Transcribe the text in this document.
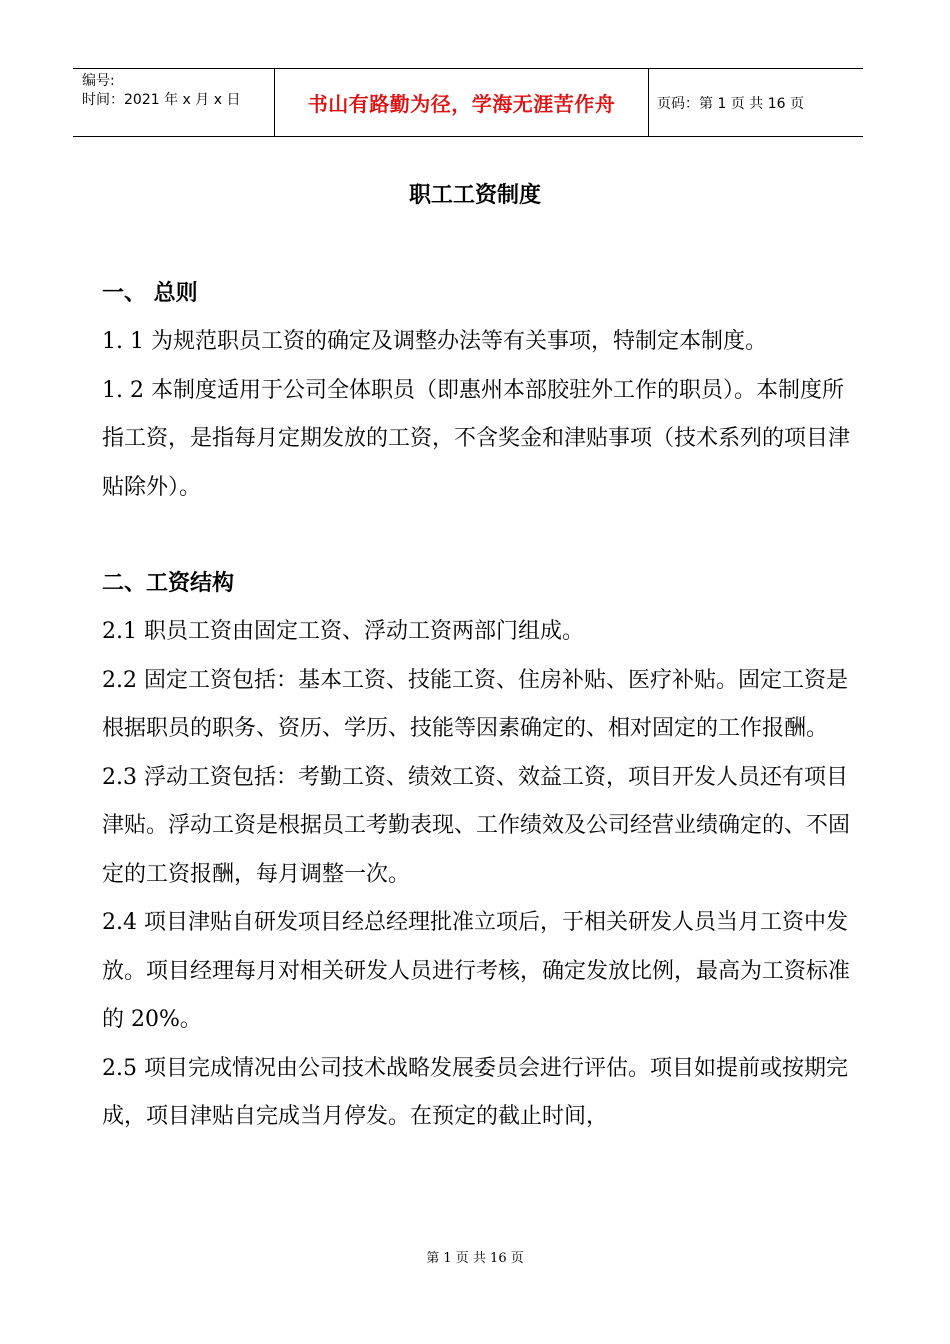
编号:
时间：2021 年 x 月 x 日	书山有路勤为径，学海无涯苦作舟	页码：第 1 页 共 16 页
职工工资制度
一、 总则
1. 1 为规范职员工资的确定及调整办法等有关事项，特制定本制度。
1. 2 本制度适用于公司全体职员（即惠州本部胶驻外工作的职员）。本制度所指工资，是指每月定期发放的工资，不含奖金和津贴事项（技术系列的项目津贴除外）。
二、工资结构
2.1 职员工资由固定工资、浮动工资两部门组成。
2.2 固定工资包括：基本工资、技能工资、住房补贴、医疗补贴。固定工资是根据职员的职务、资历、学历、技能等因素确定的、相对固定的工作报酬。
2.3 浮动工资包括：考勤工资、绩效工资、效益工资，项目开发人员还有项目津贴。浮动工资是根据员工考勤表现、工作绩效及公司经营业绩确定的、不固定的工资报酬，每月调整一次。
2.4 项目津贴自研发项目经总经理批准立项后，于相关研发人员当月工资中发放。项目经理每月对相关研发人员进行考核，确定发放比例，最高为工资标准的 20%。
2.5 项目完成情况由公司技术战略发展委员会进行评估。项目如提前或按期完成，项目津贴自完成当月停发。在预定的截止时间，
第 1 页 共 16 页
